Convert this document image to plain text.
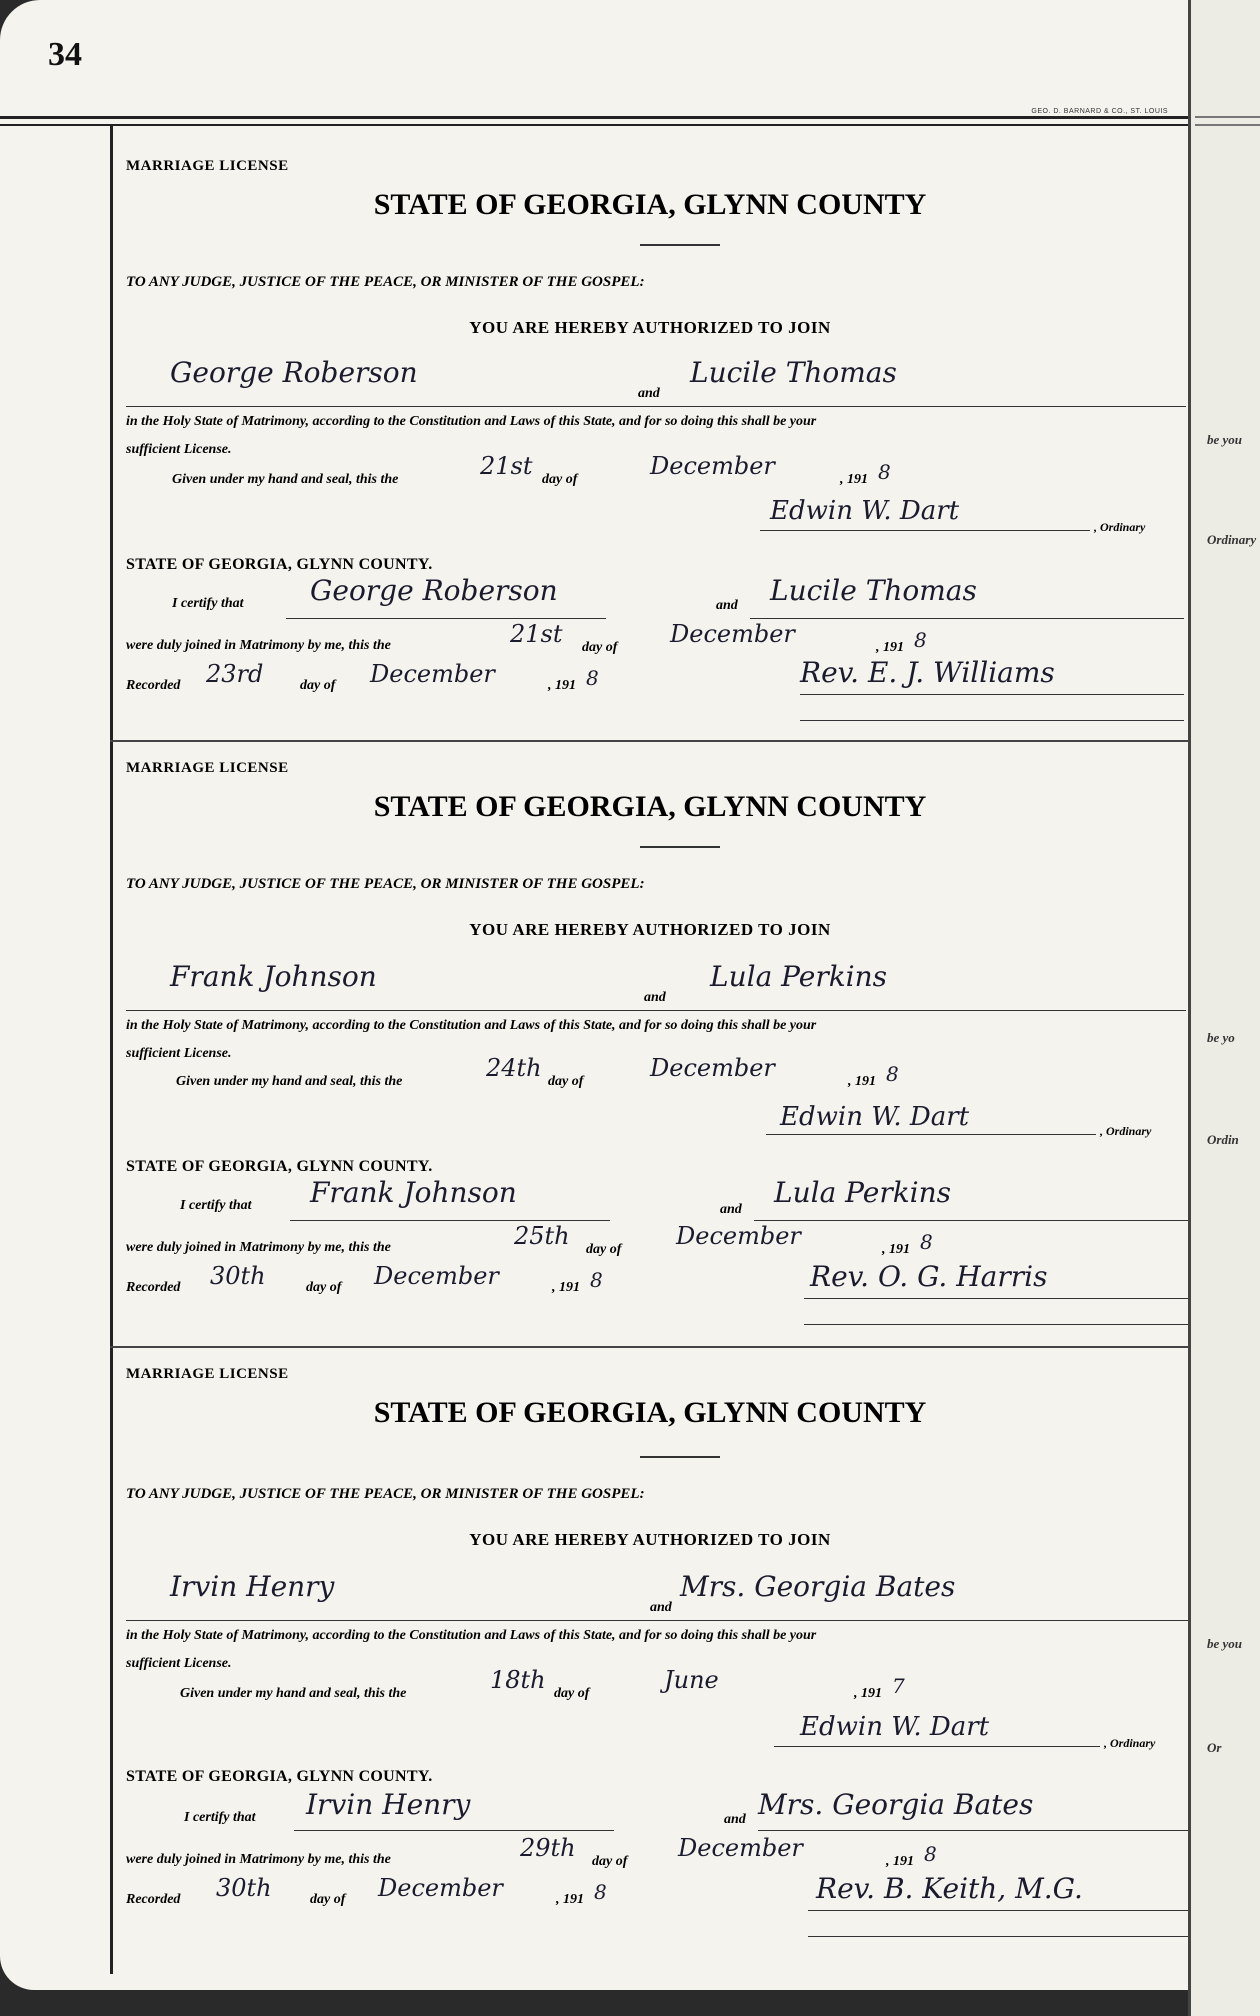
34
GEO. D. BARNARD & CO., ST. LOUIS
MARRIAGE LICENSE
STATE OF GEORGIA, GLYNN COUNTY
TO ANY JUDGE, JUSTICE OF THE PEACE, OR MINISTER OF THE GOSPEL:
YOU ARE HEREBY AUTHORIZED TO JOIN
George Roberson
and
Lucile Thomas
in the Holy State of Matrimony, according to the Constitution and Laws of this State, and for so doing this shall be your
sufficient License.
Given under my hand and seal, this the	21st day of	December	, 191 8
Edwin W. Dart
, Ordinary
STATE OF GEORGIA, GLYNN COUNTY.
I certify that George Roberson	and Lucile Thomas
were duly joined in Matrimony by me, this the	21st day of December	, 191 8
Recorded 23rd	day of December	, 191 8	Rev. E. J. Williams
MARRIAGE LICENSE
STATE OF GEORGIA, GLYNN COUNTY
TO ANY JUDGE, JUSTICE OF THE PEACE, OR MINISTER OF THE GOSPEL:
YOU ARE HEREBY AUTHORIZED TO JOIN
Frank Johnson
and
Lula Perkins
in the Holy State of Matrimony, according to the Constitution and Laws of this State, and for so doing this shall be your
sufficient License.
Given under my hand and seal, this the	24th day of	December	, 191 8
Edwin W. Dart	, Ordinary
STATE OF GEORGIA, GLYNN COUNTY.
I certify that Frank Johnson
and
Lula Perkins
were duly joined in Matrimony by me, this the	25th day of December	, 191 8
Recorded 30th	day of December	, 191 8	Rev. O. G. Harris
MARRIAGE LICENSE
STATE OF GEORGIA, GLYNN COUNTY
TO ANY JUDGE, JUSTICE OF THE PEACE, OR MINISTER OF THE GOSPEL:
YOU ARE HEREBY AUTHORIZED TO JOIN
Irvin Henry
and
Mrs. Georgia Bates
in the Holy State of Matrimony, according to the Constitution and Laws of this State, and for so doing this shall be your
sufficient License.
Given under my hand and seal, this the	18th day of	June	, 191 7
Edwin W. Dart
, Ordinary
STATE OF GEORGIA, GLYNN COUNTY.
I certify that Irvin Henry	and Mrs. Georgia Bates
were duly joined in Matrimony by me, this the	29th day of December	, 191 8
Recorded 30th	day of December	, 191 8	Rev. B. Keith, M.G.
be you
Ordinary
be yo
Ordin
be you
Or
